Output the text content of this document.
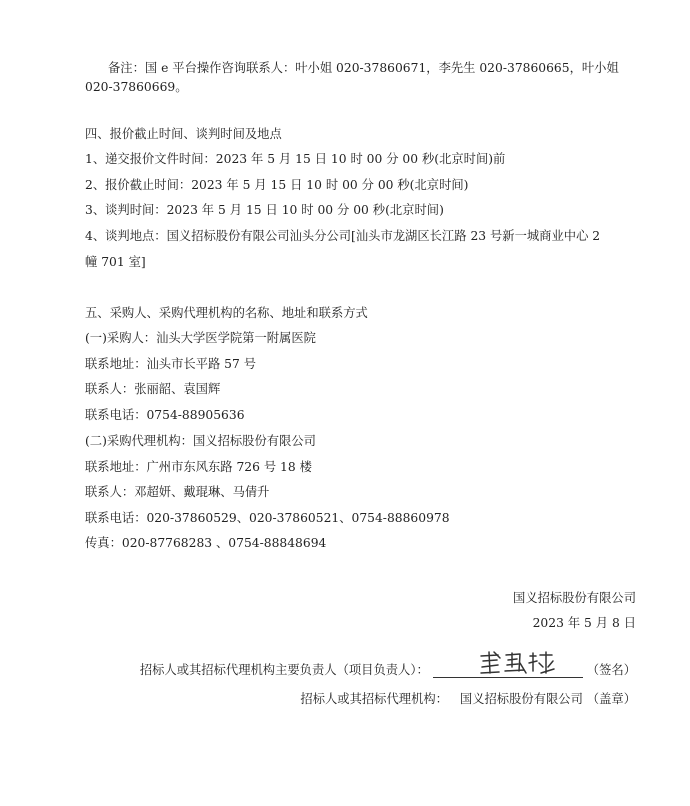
备注：国 e 平台操作咨询联系人：叶小姐 020-37860671，李先生 020-37860665，叶小姐
020-37860669。
四、报价截止时间、谈判时间及地点
1、递交报价文件时间：2023 年 5 月 15 日 10 时 00 分 00 秒(北京时间)前
2、报价截止时间：2023 年 5 月 15 日 10 时 00 分 00 秒(北京时间)
3、谈判时间：2023 年 5 月 15 日 10 时 00 分 00 秒(北京时间)
4、谈判地点：国义招标股份有限公司汕头分公司[汕头市龙湖区长江路 23 号新一城商业中心 2
幢 701 室]
五、采购人、采购代理机构的名称、地址和联系方式
(一)采购人：汕头大学医学院第一附属医院
联系地址：汕头市长平路 57 号
联系人：张丽韶、袁国辉
联系电话：0754-88905636
(二)采购代理机构：国义招标股份有限公司
联系地址：广州市东风东路 726 号 18 楼
联系人：邓超妍、戴琨琳、马倩升
联系电话：020-37860529、020-37860521、0754-88860978
传真：020-87768283 、0754-88848694
国义招标股份有限公司
2023 年 5 月 8 日
招标人或其招标代理机构主要负责人（项目负责人）：	（签名）
招标人或其招标代理机构： 国义招标股份有限公司 （盖章）
